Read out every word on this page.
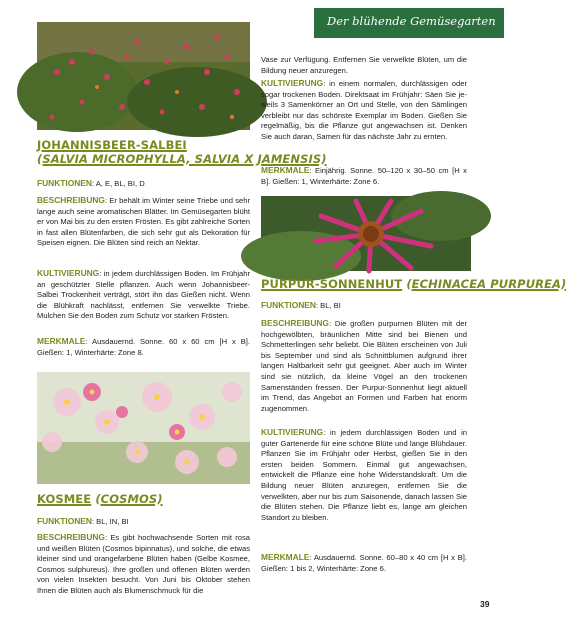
Der blühende Gemüsegarten
JOHANNISBEER-SALBEI
(SALVIA MICROPHYLLA, SALVIA X JAMENSIS)
FUNKTIONEN: A, E, BL, BI, D
BESCHREIBUNG: Er behält im Winter seine Triebe und sehr lange auch seine aromatischen Blätter. Im Gemüsegarten blüht er von Mai bis zu den ersten Frösten. Es gibt zahlreiche Sorten in fast allen Blütenfarben, die sich sehr gut als Dekoration für Speisen eignen. Die Blüten sind reich an Nektar.
KULTIVIERUNG: in jedem durchlässigen Boden. Im Frühjahr an geschützter Stelle pflanzen. Auch wenn Johannisbeer-Salbei Trockenheit verträgt, stört ihn das Gießen nicht. Wenn die Blühkraft nachlässt, entfernen Sie verwelkte Triebe. Mulchen Sie den Boden zum Schutz vor starken Frösten.
MERKMALE: Ausdauernd. Sonne. 60 x 60 cm [H x B]. Gießen: 1, Winterhärte: Zone 8.
KOSMEE (COSMOS)
FUNKTIONEN: BL, IN, BI
BESCHREIBUNG: Es gibt hochwachsende Sorten mit rosa und weißen Blüten (Cosmos bipinnatus), und solche, die etwas kleiner sind und orangefarbene Blüten haben (Gelbe Kosmee, Cosmos sulphureus). Ihre großen und offenen Blüten werden von vielen Insekten besucht. Von Juni bis Oktober stehen Ihnen die Blüten auch als Blumenschmuck für die
Vase zur Verfügung. Entfernen Sie verwelkte Blüten, um die Bildung neuer anzuregen.
KULTIVIERUNG: in einem normalen, durchlässigen oder sogar trockenen Boden. Direktsaat im Frühjahr: Säen Sie je-weils 3 Samenkörner an Ort und Stelle, von den Sämlingen verbleibt nur das schönste Exemplar im Boden. Gießen Sie regelmäßig, bis die Pflanze gut angewachsen ist. Denken Sie auch daran, Samen für das nächste Jahr zu ernten.
MERKMALE: Einjährig. Sonne. 50–120 x 30–50 cm [H x B]. Gießen: 1, Winterhärte: Zone 6.
PURPUR-SONNENHUT (ECHINACEA PURPUREA)
FUNKTIONEN: BL, BI
BESCHREIBUNG: Die großen purpurnen Blüten mit der hochgewölbten, bräunlichen Mitte sind bei Bienen und Schmetterlingen sehr beliebt. Die Blüten erscheinen von Juli bis September und sind als Schnittblumen aufgrund ihrer langen Haltbarkeit sehr gut geeignet. Aber auch im Winter sind sie nützlich, da kleine Vögel an den trockenen Samenständen fressen. Der Purpur-Sonnenhut liegt aktuell im Trend, das Angebot an Formen und Farben hat enorm zugenommen.
KULTIVIERUNG: in jedem durchlässigen Boden und in guter Gartenerde für eine schöne Blüte und lange Blühdauer. Pflanzen Sie im Frühjahr oder Herbst, gießen Sie in den ersten beiden Sommern. Einmal gut angewachsen, entwickelt die Pflanze eine hohe Widerstandskraft. Um die Bildung neuer Blüten anzuregen, entfernen Sie die verwelkten, aber nur bis zum Saisonende, danach lassen Sie die Blüten stehen. Die Pflanze liebt es, lange am gleichen Standort zu bleiben.
MERKMALE: Ausdauernd. Sonne. 60–80 x 40 cm [H x B]. Gießen: 1 bis 2, Winterhärte: Zone 6.
39
